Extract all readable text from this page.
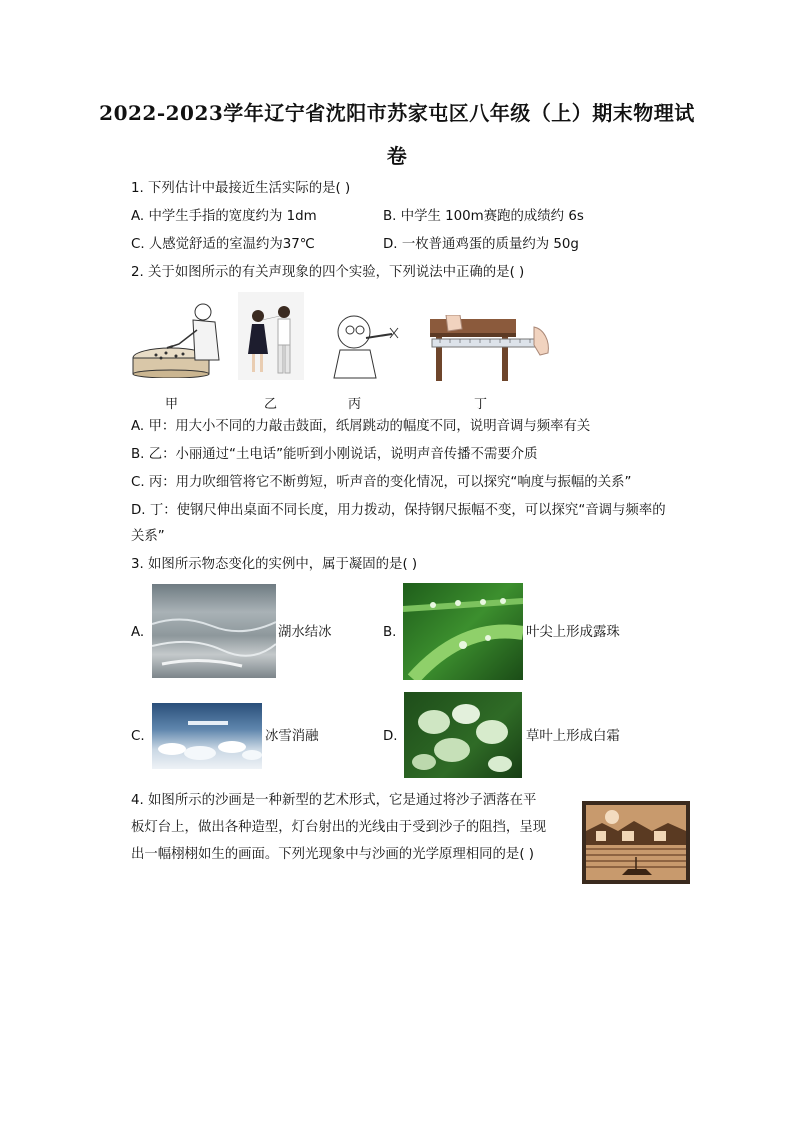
2022-2023学年辽宁省沈阳市苏家屯区八年级（上）期末物理试
卷
1. 下列估计中最接近生活实际的是( )
A. 中学生手指的宽度约为 1dm	B. 中学生 100m赛跑的成绩约 6s
C. 人感觉舒适的室温约为37℃	D. 一枚普通鸡蛋的质量约为 50g
2. 关于如图所示的有关声现象的四个实验，下列说法中正确的是( )
甲	乙	丙	丁
A. 甲：用大小不同的力敲击鼓面，纸屑跳动的幅度不同，说明音调与频率有关
B. 乙：小丽通过“土电话”能听到小刚说话，说明声音传播不需要介质
C. 丙：用力吹细管将它不断剪短，听声音的变化情况，可以探究“响度与振幅的关系”
D. 丁：使钢尺伸出桌面不同长度，用力拨动，保持钢尺振幅不变，可以探究“音调与频率的
关系”
3. 如图所示物态变化的实例中，属于凝固的是( )
A.	湖水结冰	B.	叶尖上形成露珠
C.	冰雪消融	D.	草叶上形成白霜
4. 如图所示的沙画是一种新型的艺术形式，它是通过将沙子洒落在平
板灯台上，做出各种造型，灯台射出的光线由于受到沙子的阻挡，呈现
出一幅栩栩如生的画面。下列光现象中与沙画的光学原理相同的是( )
